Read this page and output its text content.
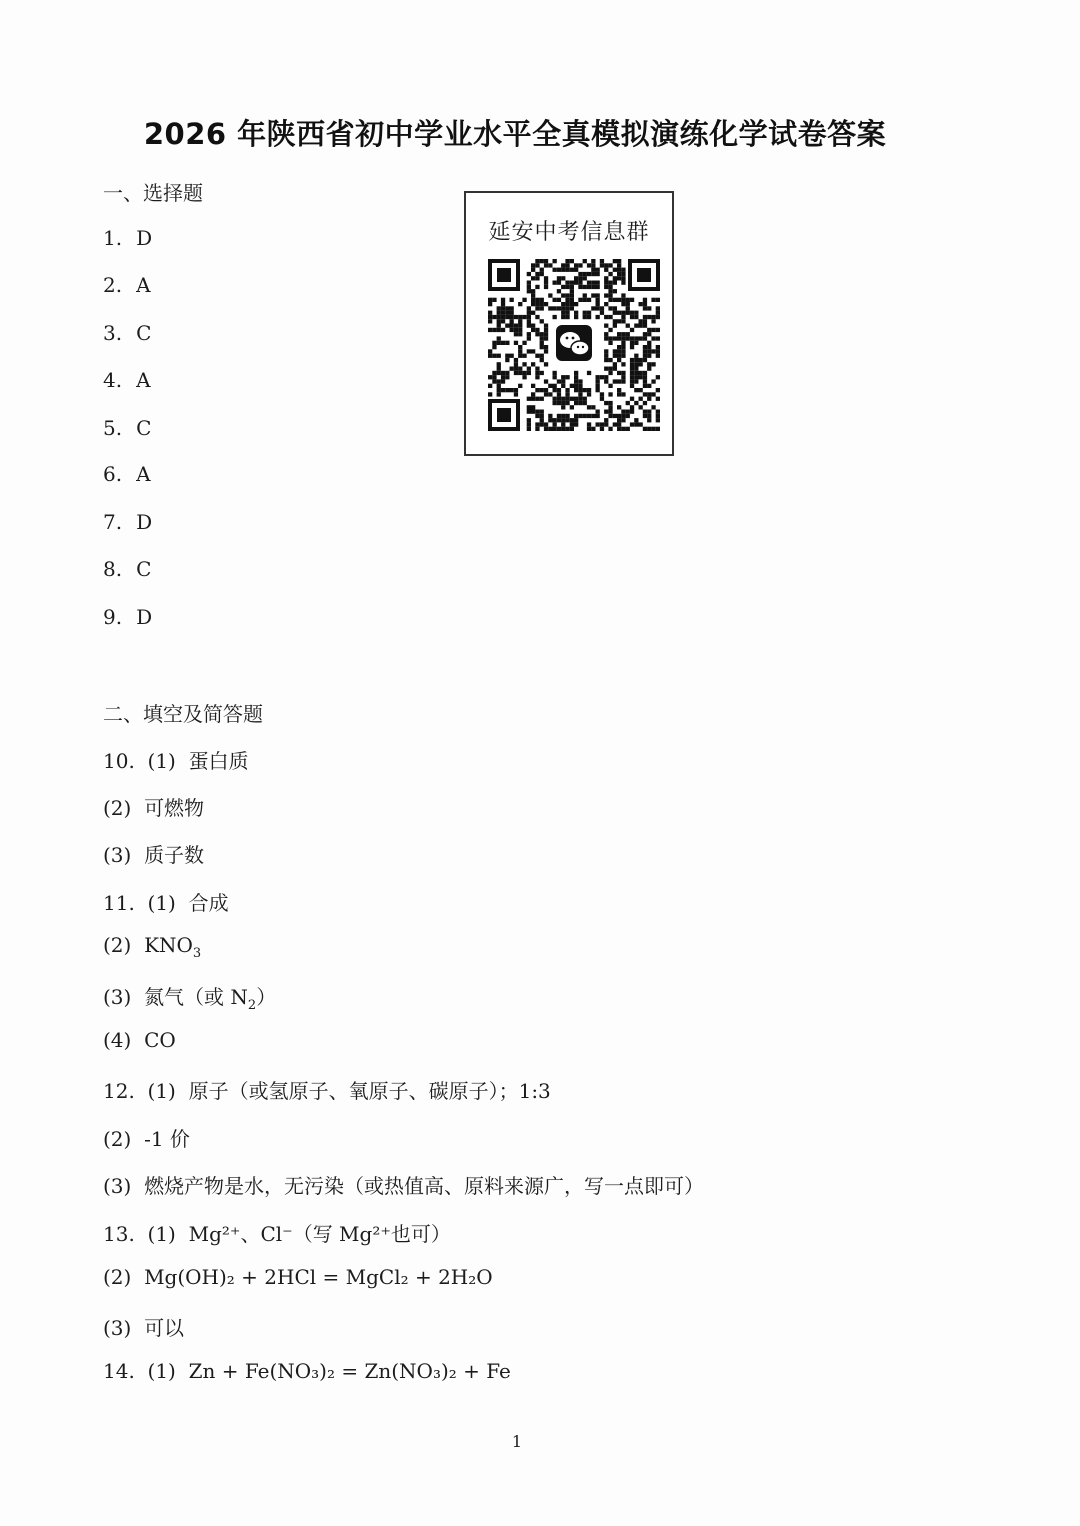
2026 年陕西省初中学业水平全真模拟演练化学试卷答案
一、选择题
1. D
2. A
3. C
4. A
5. C
6. A
7. D
8. C
9. D
延安中考信息群
二、填空及简答题
10. (1) 蛋白质
(2) 可燃物
(3) 质子数
11. (1) 合成
(2) $KNO_3$
(3) 氮气（或 $N_2$）
(4) CO
12. (1) 原子（或氢原子、氧原子、碳原子）；1:3
(2) -1 价
(3) 燃烧产物是水，无污染（或热值高、原料来源广，写一点即可）
13. (1) Mg²⁺、Cl⁻（写 Mg²⁺也可）
(2) Mg(OH)₂ + 2HCl = MgCl₂ + 2H₂O
(3) 可以
14. (1) Zn + Fe(NO₃)₂ = Zn(NO₃)₂ + Fe
1
